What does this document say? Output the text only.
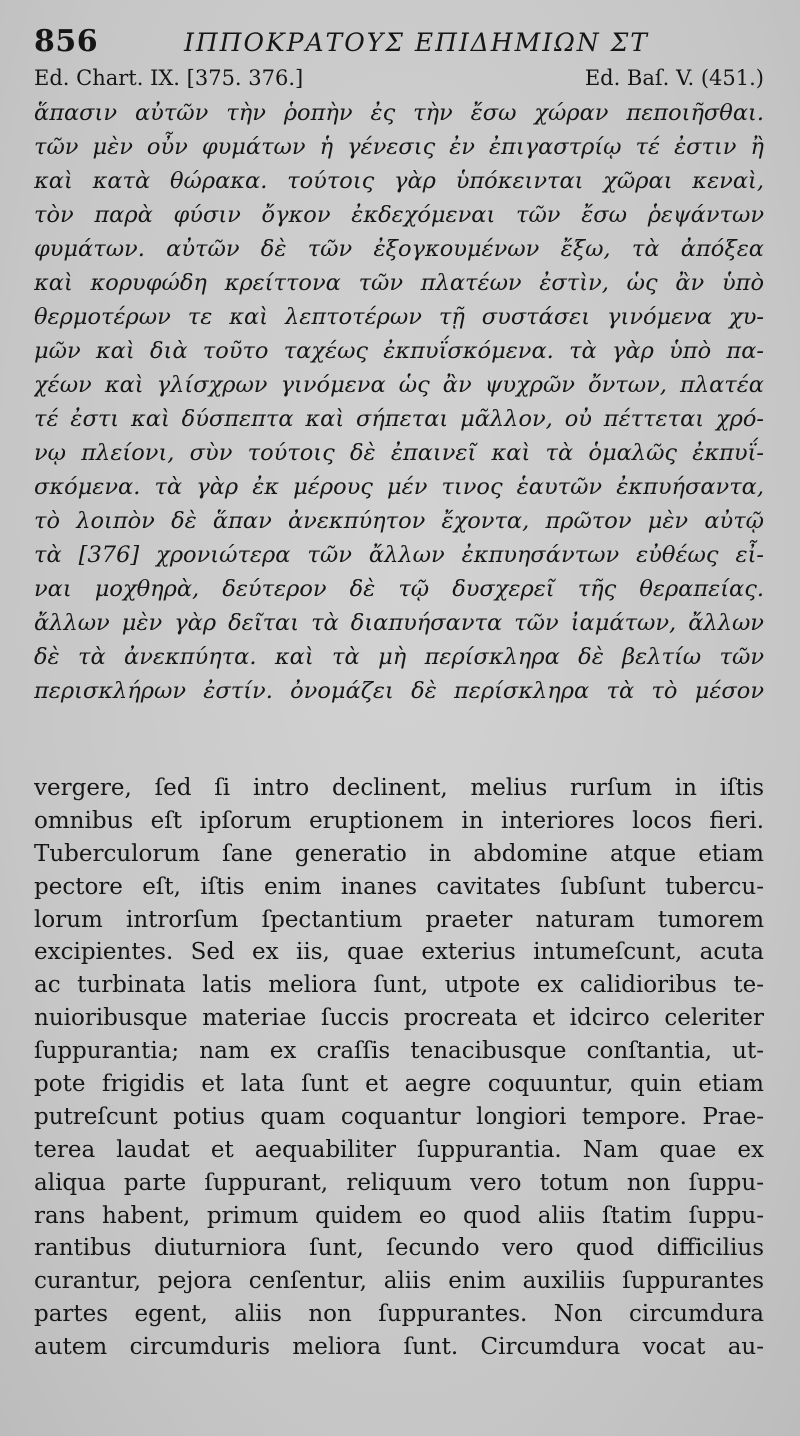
856	ΙΠΠΟΚΡΑΤΟΥΣ ΕΠΙΔΗΜΙΩΝ ΣΤ
Ed. Chart. IX. [375. 376.]	Ed. Baſ. V. (451.)
ἅπασιν αὐτῶν τὴν ῥοπὴν ἐς τὴν ἔσω χώραν πεποιῆσθαι.
τῶν μὲν οὖν φυμάτων ἡ γένεσις ἐν ἐπιγαστρίῳ τέ ἐστιν ἢ
καὶ κατὰ θώρακα. τούτοις γὰρ ὑπόκεινται χῶραι κεναὶ,
τὸν παρὰ φύσιν ὄγκον ἐκδεχόμεναι τῶν ἔσω ῥεψάντων
φυμάτων. αὐτῶν δὲ τῶν ἐξογκουμένων ἔξω, τὰ ἀπόξεα
καὶ κορυφώδη κρείττονα τῶν πλατέων ἐστὶν, ὡς ἂν ὑπὸ
θερμοτέρων τε καὶ λεπτοτέρων τῇ συστάσει γινόμενα χυ-
μῶν καὶ διὰ τοῦτο ταχέως ἐκπυΐσκόμενα. τὰ γὰρ ὑπὸ πα-
χέων καὶ γλίσχρων γινόμενα ὡς ἂν ψυχρῶν ὄντων, πλατέα
τέ ἐστι καὶ δύσπεπτα καὶ σήπεται μᾶλλον, οὐ πέττεται χρό-
νῳ πλείονι, σὺν τούτοις δὲ ἐπαινεῖ καὶ τὰ ὁμαλῶς ἐκπυΐ-
σκόμενα. τὰ γὰρ ἐκ μέρους μέν τινος ἑαυτῶν ἐκπυήσαντα,
τὸ λοιπὸν δὲ ἅπαν ἀνεκπύητον ἔχοντα, πρῶτον μὲν αὐτῷ
τὰ [376] χρονιώτερα τῶν ἄλλων ἐκπυησάντων εὐθέως εἶ-
ναι μοχθηρὰ, δεύτερον δὲ τῷ δυσχερεῖ τῆς θεραπείας.
ἄλλων μὲν γὰρ δεῖται τὰ διαπυήσαντα τῶν ἰαμάτων, ἄλλων
δὲ τὰ ἀνεκπύητα. καὶ τὰ μὴ περίσκληρα δὲ βελτίω τῶν
περισκλήρων ἐστίν. ὀνομάζει δὲ περίσκληρα τὰ τὸ μέσον
vergere, ſed ſi intro declinent, melius rurſum in iſtis
omnibus eſt ipſorum eruptionem in interiores locos fieri.
Tuberculorum ſane generatio in abdomine atque etiam
pectore eſt, iſtis enim inanes cavitates ſubſunt tubercu-
lorum introrſum ſpectantium praeter naturam tumorem
excipientes. Sed ex iis, quae exterius intumeſcunt, acuta
ac turbinata latis meliora ſunt, utpote ex calidioribus te-
nuioribusque materiae ſuccis procreata et idcirco celeriter
ſuppurantia; nam ex craſſis tenacibusque conſtantia, ut-
pote frigidis et lata ſunt et aegre coquuntur, quin etiam
putreſcunt potius quam coquantur longiori tempore. Prae-
terea laudat et aequabiliter ſuppurantia. Nam quae ex
aliqua parte ſuppurant, reliquum vero totum non ſuppu-
rans habent, primum quidem eo quod aliis ſtatim ſuppu-
rantibus diuturniora ſunt, ſecundo vero quod difficilius
curantur, pejora cenſentur, aliis enim auxiliis ſuppurantes
partes egent, aliis non ſuppurantes. Non circumdura
autem circumduris meliora ſunt. Circumdura vocat au-
